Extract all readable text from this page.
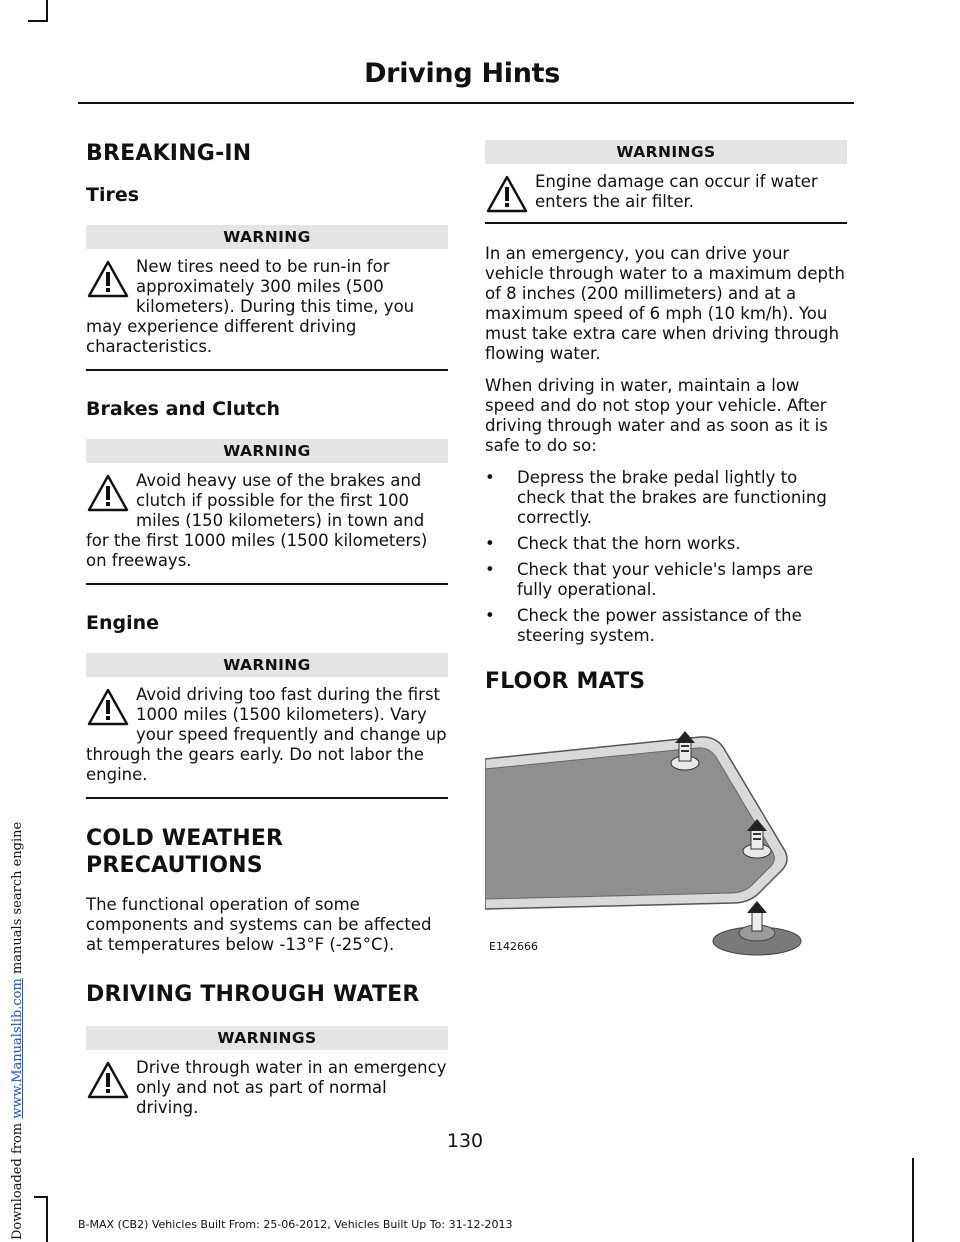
Downloaded from www.Manualslib.com manuals search engine
Driving Hints
BREAKING-IN
Tires
WARNING

New tires need to be run-in for approximately 300 miles (500 kilometers). During this time, you may experience different driving characteristics.

Brakes and Clutch
WARNING

Avoid heavy use of the brakes and clutch if possible for the first 100 miles (150 kilometers) in town and for the first 1000 miles (1500 kilometers) on freeways.

Engine
WARNING

Avoid driving too fast during the first 1000 miles (1500 kilometers). Vary your speed frequently and change up through the gears early. Do not labor the engine.

COLD WEATHER
PRECAUTIONS

The functional operation of some components and systems can be affected at temperatures below -13°F (-25°C).

DRIVING THROUGH WATER
WARNINGS

Drive through water in an emergency only and not as part of normal driving.

WARNINGS

Engine damage can occur if water enters the air filter.

In an emergency, you can drive your vehicle through water to a maximum depth of 8 inches (200 millimeters) and at a maximum speed of 6 mph (10 km/h). You must take extra care when driving through flowing water.

When driving in water, maintain a low speed and do not stop your vehicle. After driving through water and as soon as it is safe to do so:

•	Depress the brake pedal lightly to check that the brakes are functioning correctly.
•	Check that the horn works.
•	Check that your vehicle's lamps are fully operational.
•	Check the power assistance of the steering system.
FLOOR MATS
E142666
130
B-MAX (CB2) Vehicles Built From: 25-06-2012, Vehicles Built Up To: 31-12-2013
